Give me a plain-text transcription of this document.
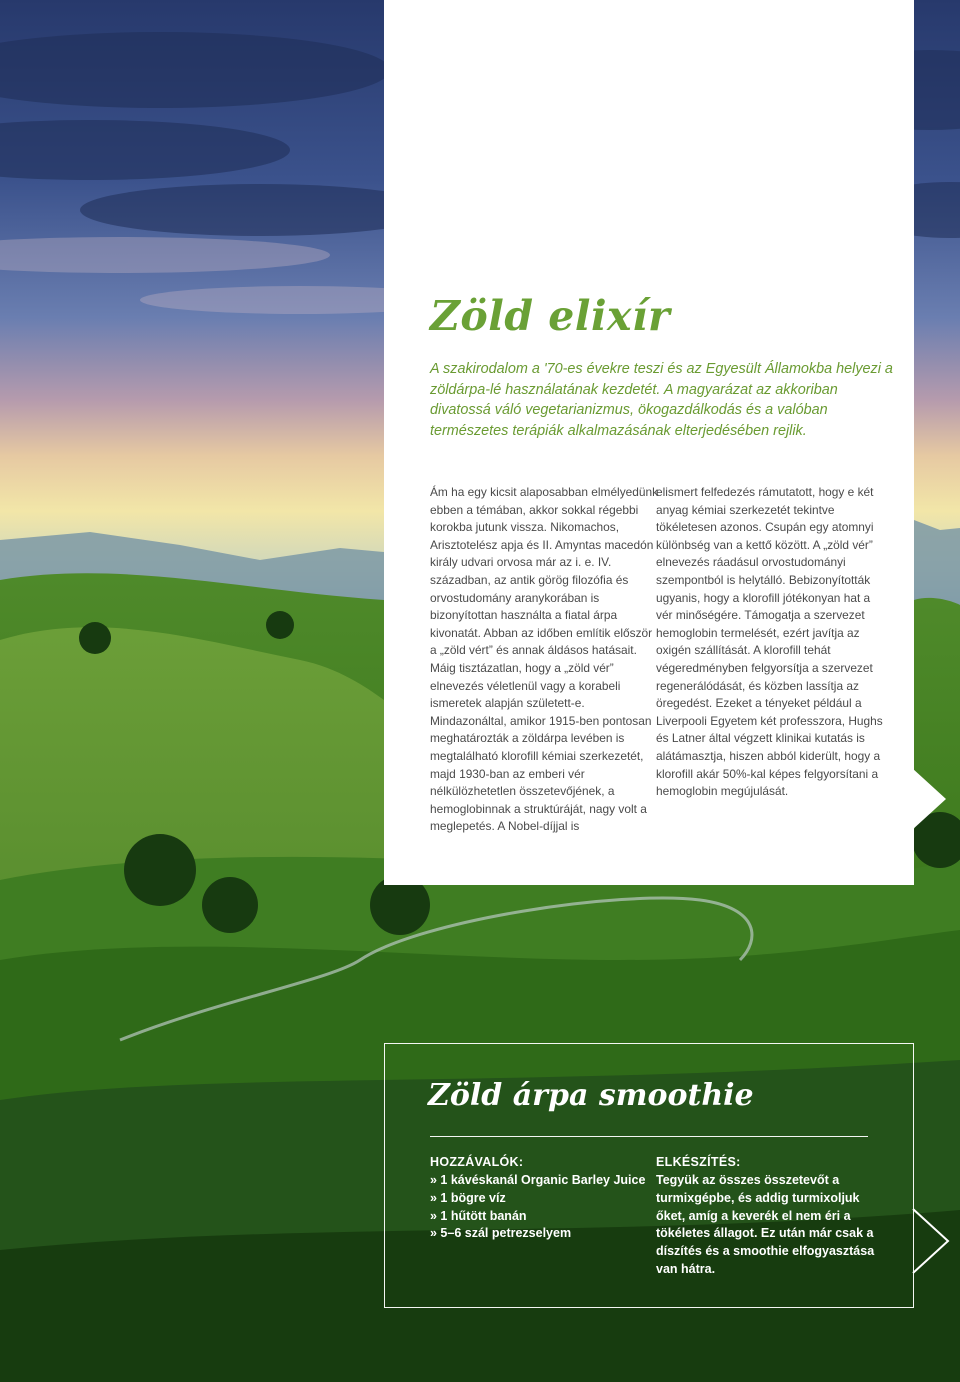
Zöld elixír

A szakirodalom a '70-es évekre teszi és az Egyesült Államokba helyezi a zöldárpa-lé használatának kezdetét. A magyarázat az akkoriban divatossá váló vegetarianizmus, ökogazdálkodás és a valóban természetes terápiák alkalmazásának elterjedésében rejlik.

Ám ha egy kicsit alaposabban elmélyedünk ebben a témában, akkor sokkal régebbi korokba jutunk vissza. Nikomachos, Arisztotelész apja és II. Amyntas macedón király udvari orvosa már az i. e. IV. században, az antik görög filozófia és orvostudomány aranykorában is bizonyítottan használta a fiatal árpa kivonatát. Abban az időben említik először a „zöld vért” és annak áldásos hatásait. Máig tisztázatlan, hogy a „zöld vér” elnevezés véletlenül vagy a korabeli ismeretek alapján született-e. Mindazonáltal, amikor 1915-ben pontosan meghatározták a zöldárpa levében is megtalálható klorofill kémiai szerkezetét, majd 1930-ban az emberi vér nélkülözhetetlen összetevőjének, a hemoglobinnak a struktúráját, nagy volt a meglepetés. A Nobel-díjjal is

elismert felfedezés rámutatott, hogy e két anyag kémiai szerkezetét tekintve tökéletesen azonos. Csupán egy atomnyi különbség van a kettő között. A „zöld vér” elnevezés ráadásul orvostudományi szempontból is helytálló. Bebizonyították ugyanis, hogy a klorofill jótékonyan hat a vér minőségére. Támogatja a szervezet hemoglobin termelését, ezért javítja az oxigén szállítását. A klorofill tehát végeredményben felgyorsítja a szervezet regenerálódását, és közben lassítja az öregedést. Ezeket a tényeket például a Liverpooli Egyetem két professzora, Hughs és Latner által végzett klinikai kutatás is alátámasztja, hiszen abból kiderült, hogy a klorofill akár 50%-kal képes felgyorsítani a hemoglobin megújulását.

Zöld árpa smoothie

HOZZÁVALÓK:

» 1 kávéskanál Organic Barley Juice
» 1 bögre víz
» 1 hűtött banán
» 5–6 szál petrezselyem

ELKÉSZÍTÉS:

Tegyük az összes összetevőt a turmixgépbe, és addig turmixoljuk őket, amíg a keverék el nem éri a tökéletes állagot. Ez után már csak a díszítés és a smoothie elfogyasztása van hátra.
